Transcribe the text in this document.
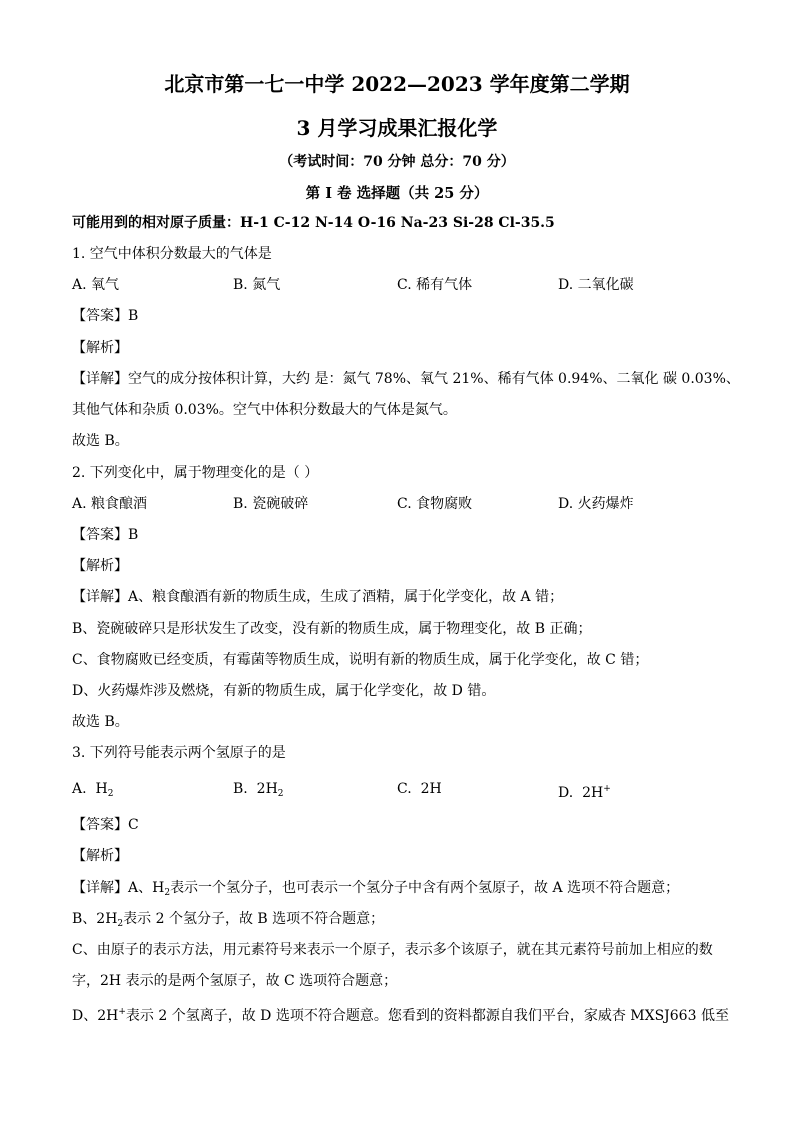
北京市第一七一中学 2022—2023 学年度第二学期
3 月学习成果汇报化学
（考试时间：70 分钟 总分：70 分）
第 I 卷 选择题（共 25 分）
可能用到的相对原子质量：H-1 C-12 N-14 O-16 Na-23 Si-28 Cl-35.5
1. 空气中体积分数最大的气体是
A. 氧气	B. 氮气	C. 稀有气体	D. 二氧化碳
【答案】B
【解析】
【详解】空气的成分按体积计算，大约 是：氮气 78%、氧气 21%、稀有气体 0.94%、二氧化 碳 0.03%、
其他气体和杂质 0.03%。空气中体积分数最大的气体是氮气。
故选 B。
2. 下列变化中，属于物理变化的是（ ）
A. 粮食酿酒	B. 瓷碗破碎	C. 食物腐败	D. 火药爆炸
【答案】B
【解析】
【详解】A、粮食酿酒有新的物质生成，生成了酒精，属于化学变化，故 A 错；
B、瓷碗破碎只是形状发生了改变，没有新的物质生成，属于物理变化，故 B 正确；
C、食物腐败已经变质，有霉菌等物质生成，说明有新的物质生成，属于化学变化，故 C 错；
D、火药爆炸涉及燃烧，有新的物质生成，属于化学变化，故 D 错。
故选 B。
3. 下列符号能表示两个氢原子的是
A. $H_2$	B. $2H_2$	C. 2H	D. 2H+
【答案】C
【解析】
【详解】A、$H_2$表示一个氢分子，也可表示一个氢分子中含有两个氢原子，故 A 选项不符合题意；
B、$2H_2$表示 2 个氢分子，故 B 选项不符合题意；
C、由原子的表示方法，用元素符号来表示一个原子，表示多个该原子，就在其元素符号前加上相应的数
字，2H 表示的是两个氢原子，故 C 选项符合题意；
D、2H+表示 2 个氢离子，故 D 选项不符合题意。您看到的资料都源自我们平台，家威杏 MXSJ663 低至
